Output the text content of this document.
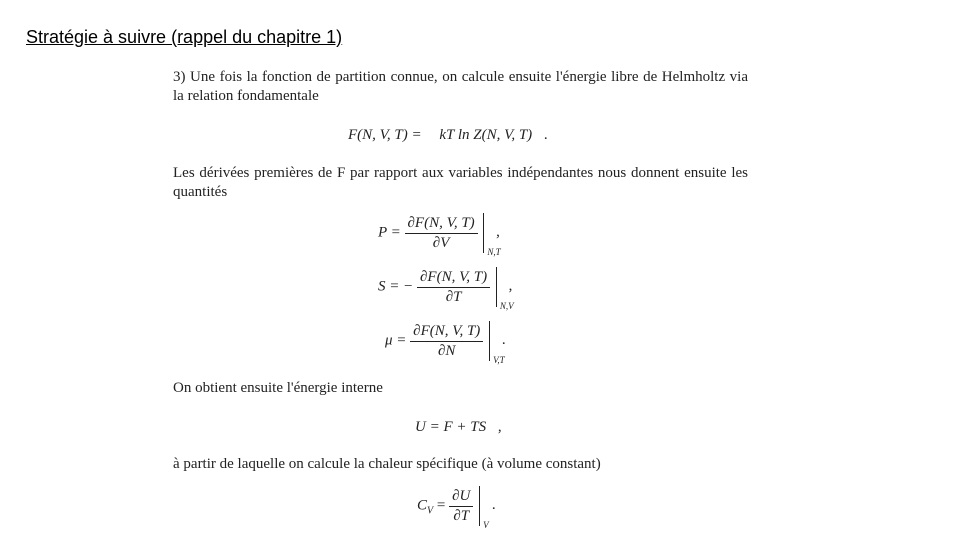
Stratégie à suivre (rappel du chapitre 1)
3) Une fois la fonction de partition connue, on calcule ensuite l'énergie libre de Helmholtz via la relation fondamentale
F(N, V, T) = kT ln Z(N, V, T) .
Les dérivées premières de F par rapport aux variables indépendantes nous donnent ensuite les quantités
$P = \frac{\partial F(N, V, T)}{\partial V}$

N,T
,
S = − $\frac{\partial F(N, V, T)}{\partial T}$

N,V
,
$\mu = \frac{\partial F(N, V, T)}{\partial N}$

V,T
.
On obtient ensuite l'énergie interne
U = F + TS ,
à partir de laquelle on calcule la chaleur spécifique (à volume constant)
$C_V = \frac{\partial U}{\partial T}$

V
.
